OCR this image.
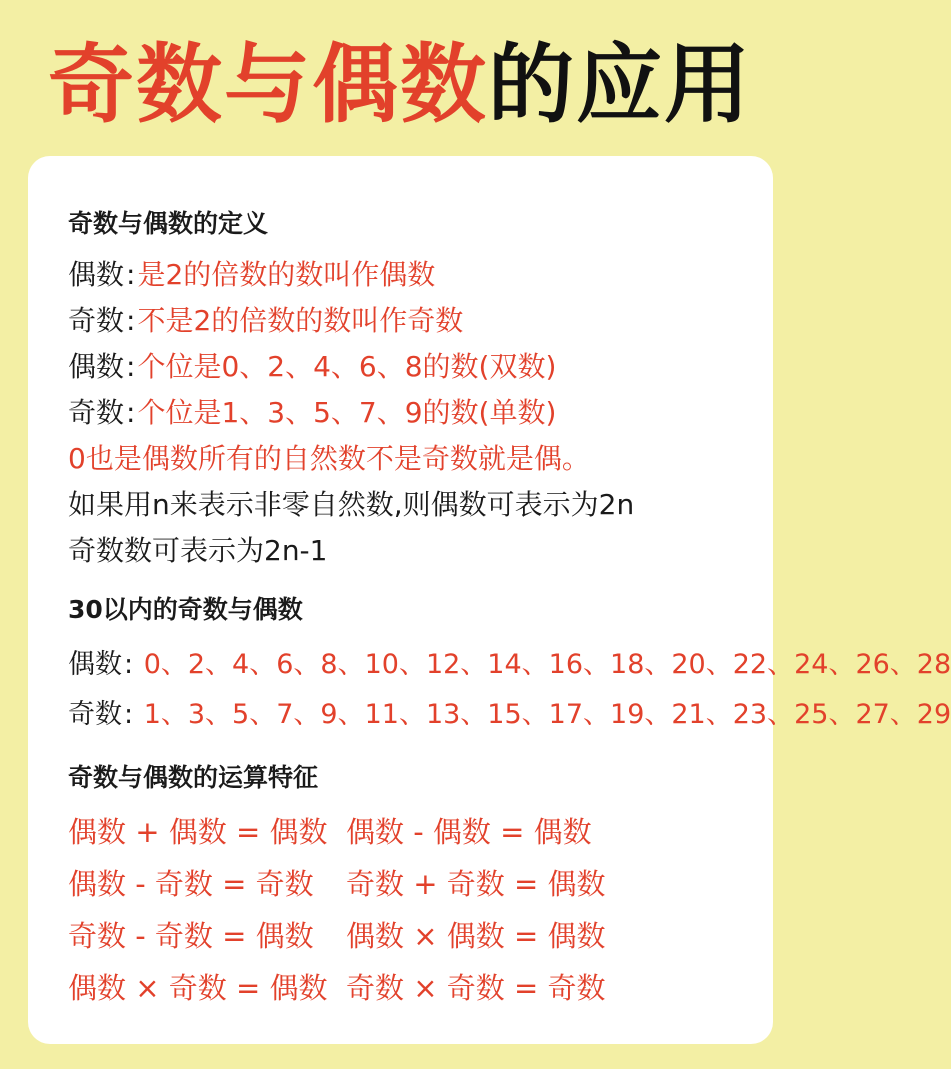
奇数与偶数的应用
奇数与偶数的定义
偶数:是2的倍数的数叫作偶数
奇数:不是2的倍数的数叫作奇数
偶数:个位是0、2、4、6、8的数(双数)
奇数:个位是1、3、5、7、9的数(单数)
0也是偶数所有的自然数不是奇数就是偶。
如果用n来表示非零自然数,则偶数可表示为2n
奇数数可表示为2n-1
30以内的奇数与偶数
偶数: 0、2、4、6、8、10、12、14、16、18、20、22、24、26、28
奇数: 1、3、5、7、9、11、13、15、17、19、21、23、25、27、29
奇数与偶数的运算特征
偶数 + 偶数 = 偶数 偶数 - 偶数 = 偶数
偶数 - 奇数 = 奇数 奇数 + 奇数 = 偶数
奇数 - 奇数 = 偶数 偶数 × 偶数 = 偶数
偶数 × 奇数 = 偶数 奇数 × 奇数 = 奇数
